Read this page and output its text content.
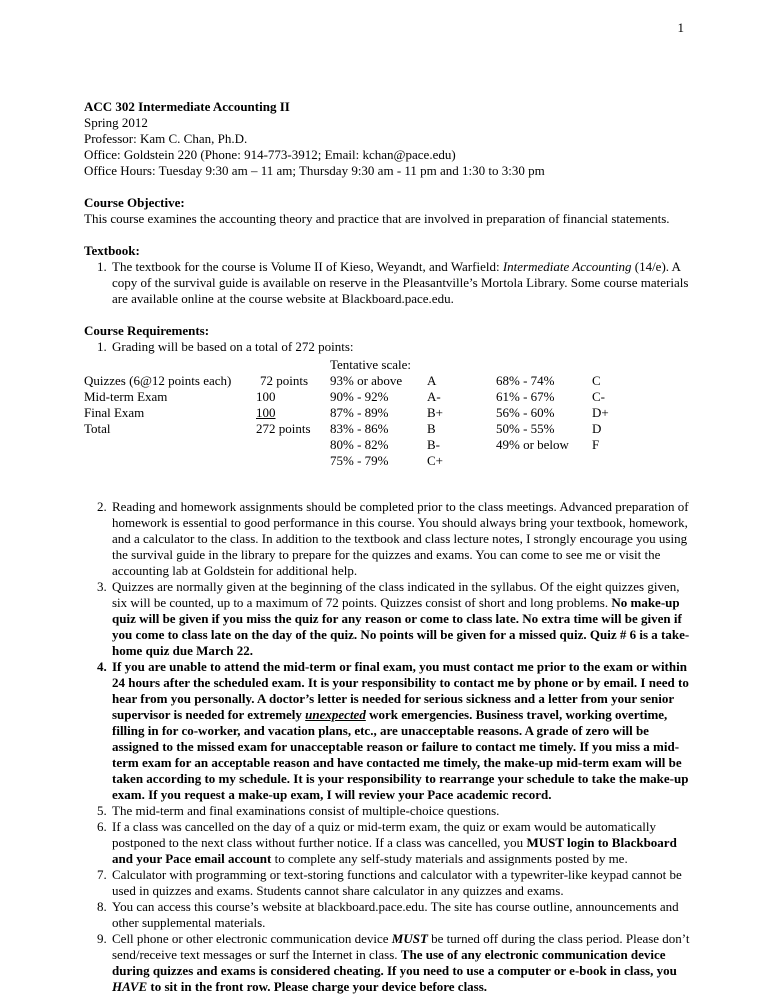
1

ACC 302 Intermediate Accounting II

Spring 2012

Professor: Kam C. Chan, Ph.D.

Office: Goldstein 220 (Phone: 914-773-3912; Email: kchan@pace.edu)

Office Hours: Tuesday 9:30 am – 11 am; Thursday 9:30 am - 11 pm and 1:30 to 3:30 pm

Course Objective:

This course examines the accounting theory and practice that are involved in preparation of financial statements.

Textbook:

1. The textbook for the course is Volume II of Kieso, Weyandt, and Warfield: Intermediate Accounting (14/e). A copy of the survival guide is available on reserve in the Pleasantville’s Mortola Library. Some course materials are available online at the course website at Blackboard.pace.edu.

Course Requirements:

1. Grading will be based on a total of 272 points:
Quizzes (6@12 points each)
Mid-term Exam
Final Exam
Total
72 points
100
100
272 points
Tentative scale:
93% or above
90% - 92%
87% - 89%
83% - 86%
80% - 82%
75% - 79%
A
A-
B+
B
B-
C+
68% - 74%
61% - 67%
56% - 60%
50% - 55%
49% or below
C
C-
D+
D
F
2. Reading and homework assignments should be completed prior to the class meetings. Advanced preparation of homework is essential to good performance in this course. You should always bring your textbook, homework, and a calculator to the class. In addition to the textbook and class lecture notes, I strongly encourage you using the survival guide in the library to prepare for the quizzes and exams. You can come to see me or visit the accounting lab at Goldstein for additional help.
3. Quizzes are normally given at the beginning of the class indicated in the syllabus. Of the eight quizzes given, six will be counted, up to a maximum of 72 points. Quizzes consist of short and long problems. No make-up quiz will be given if you miss the quiz for any reason or come to class late. No extra time will be given if you come to class late on the day of the quiz. No points will be given for a missed quiz. Quiz # 6 is a take-home quiz due March 22.
4. If you are unable to attend the mid-term or final exam, you must contact me prior to the exam or within 24 hours after the scheduled exam. It is your responsibility to contact me by phone or by email. I need to hear from you personally. A doctor’s letter is needed for serious sickness and a letter from your senior supervisor is needed for extremely unexpected work emergencies. Business travel, working overtime, filling in for co-worker, and vacation plans, etc., are unacceptable reasons. A grade of zero will be assigned to the missed exam for unacceptable reason or failure to contact me timely. If you miss a mid-term exam for an acceptable reason and have contacted me timely, the make-up mid-term exam will be taken according to my schedule. It is your responsibility to rearrange your schedule to take the make-up exam. If you request a make-up exam, I will review your Pace academic record.
5. The mid-term and final examinations consist of multiple-choice questions.
6. If a class was cancelled on the day of a quiz or mid-term exam, the quiz or exam would be automatically postponed to the next class without further notice. If a class was cancelled, you MUST login to Blackboard and your Pace email account to complete any self-study materials and assignments posted by me.
7. Calculator with programming or text-storing functions and calculator with a typewriter-like keypad cannot be used in quizzes and exams. Students cannot share calculator in any quizzes and exams.
8. You can access this course’s website at blackboard.pace.edu. The site has course outline, announcements and other supplemental materials.
9. Cell phone or other electronic communication device MUST be turned off during the class period. Please don’t send/receive text messages or surf the Internet in class. The use of any electronic communication device during quizzes and exams is considered cheating. If you need to use a computer or e-book in class, you HAVE to sit in the front row. Please charge your device before class.
